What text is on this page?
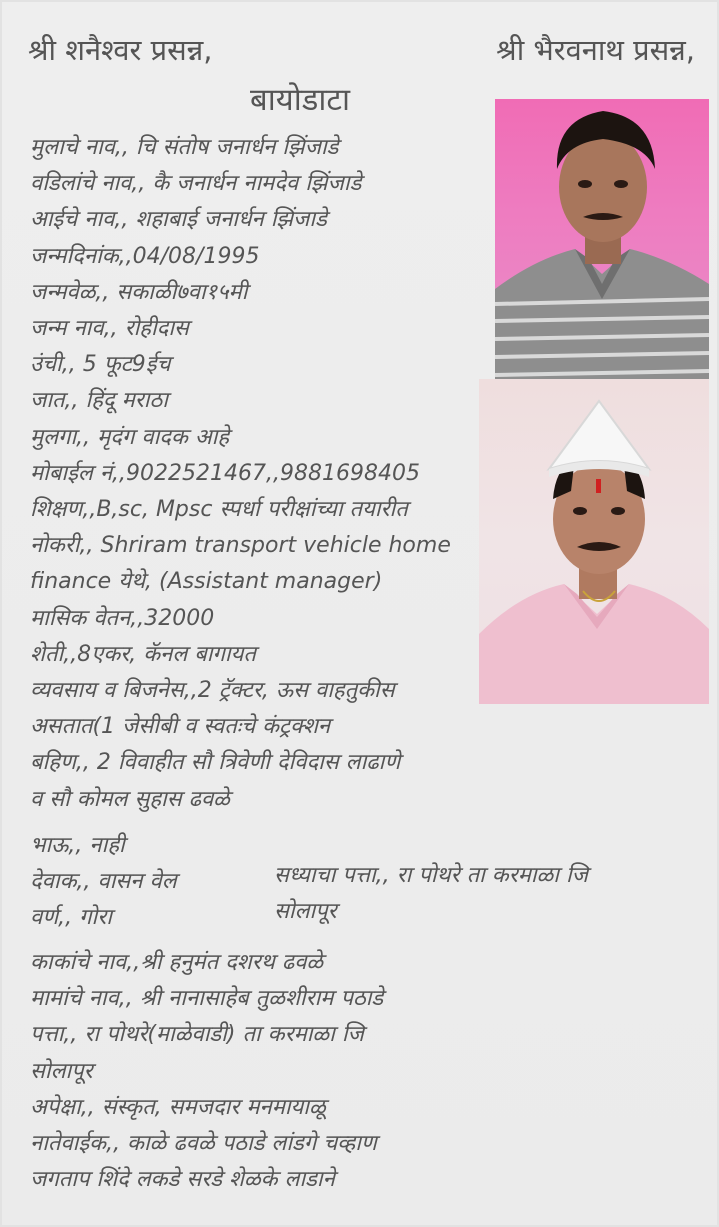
श्री शनैश्वर प्रसन्न,	श्री भैरवनाथ प्रसन्न,
बायोडाटा
मुलाचे नाव,, चि संतोष जनार्धन झिंजाडे
वडिलांचे नाव,, कै जनार्धन नामदेव झिंजाडे
आईचे नाव,, शहाबाई जनार्धन झिंजाडे
जन्मदिनांक,,04/08/1995
जन्मवेळ,, सकाळी७वा१५मी
जन्म नाव,, रोहीदास
उंची,, 5 फूट9ईच
जात,, हिंदू मराठा
मुलगा,, मृदंग वादक आहे
मोबाईल नं,,9022521467,,9881698405
शिक्षण,,B,sc, Mpsc स्पर्धा परीक्षांच्या तयारीत
नोकरी,, Shriram transport vehicle home
finance येथे, (Assistant manager)
मासिक वेतन,,32000
शेती,,8एकर, कॅनल बागायत
व्यवसाय व बिजनेस,,2 ट्रॅक्टर, ऊस वाहतुकीस
असतात(1 जेसीबी व स्वतःचे कंट्रक्शन
बहिण,, 2 विवाहीत सौ त्रिवेणी देविदास लाढाणे
व सौ कोमल सुहास ढवळे
भाऊ,, नाही
देवाक,, वासन वेल
वर्ण,, गोरा
सध्याचा पत्ता,, रा पोथरे ता करमाळा जि
सोलापूर
काकांचे नाव,,श्री हनुमंत दशरथ ढवळे
मामांचे नाव,, श्री नानासाहेब तुळशीराम पठाडे
पत्ता,, रा पोथरे(माळेवाडी) ता करमाळा जि
सोलापूर
अपेक्षा,, संस्कृत, समजदार मनमायाळू
नातेवाईक,, काळे ढवळे पठाडे लांडगे चव्हाण
जगताप शिंदे लकडे सरडे शेळके लाडाने
